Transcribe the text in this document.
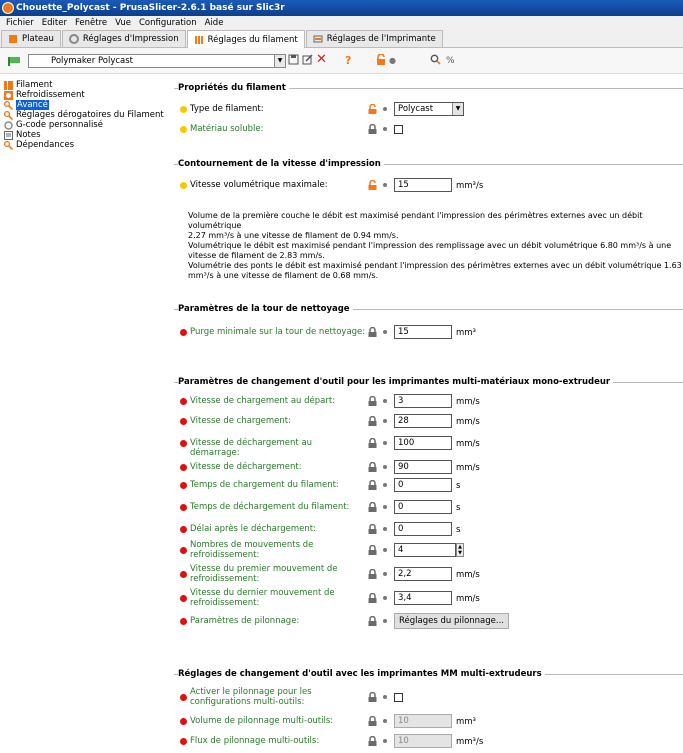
Chouette_Polycast - PrusaSlicer-2.6.1 basé sur Slic3r
Fichier Editer Fenêtre Vue Configuration Aide
Plateau	Réglages d'Impression	Réglages du filament	Réglages de l'Imprimante
Polymaker Polycast	▼	✕ ?	●	%
Filament
Refroidissement
Avancé
Réglages dérogatoires du Filament
G-code personnalisé
Notes
Dépendances
Propriétés du filament
Type de filament:	Polycast	▼
Matériau soluble:
Contournement de la vitesse d'impression
Vitesse volumétrique maximale:	15	mm³/s
Volume de la première couche le débit est maximisé pendant l'impression des périmètres externes avec un débit volumétrique
2.27 mm³/s à une vitesse de filament de 0.94 mm/s.
Volumétrique le débit est maximisé pendant l'impression des remplissage avec un débit volumétrique 6.80 mm³/s à une
vitesse de filament de 2.83 mm/s.
Volumétrie des ponts le débit est maximisé pendant l'impression des périmètres externes avec un débit volumétrique 1.63
mm³/s à une vitesse de filament de 0.68 mm/s.
Paramètres de la tour de nettoyage
Purge minimale sur la tour de nettoyage:	15	mm³
Paramètres de changement d'outil pour les imprimantes multi-matériaux mono-extrudeur
Vitesse de chargement au départ:	3	mm/s
Vitesse de chargement:	28	mm/s
Vitesse de déchargement au démarrage:
100	mm/s
Vitesse de déchargement:	90	mm/s
Temps de chargement du filament:	0	s
Temps de déchargement du filament:	0	s
Délai après le déchargement:	0	s
Nombres de mouvements de refroidissement:	4	▲
▼
Vitesse du premier mouvement de refroidissement:	2,2	mm/s
Vitesse du dernier mouvement de refroidissement:	3,4	mm/s
Paramètres de pilonnage:	Réglages du pilonnage...
Réglages de changement d'outil avec les imprimantes MM multi-extrudeurs
Activer le pilonnage pour les configurations multi-outils:
Volume de pilonnage multi-outils:	10	mm³
Flux de pilonnage multi-outils:	10	mm³/s
